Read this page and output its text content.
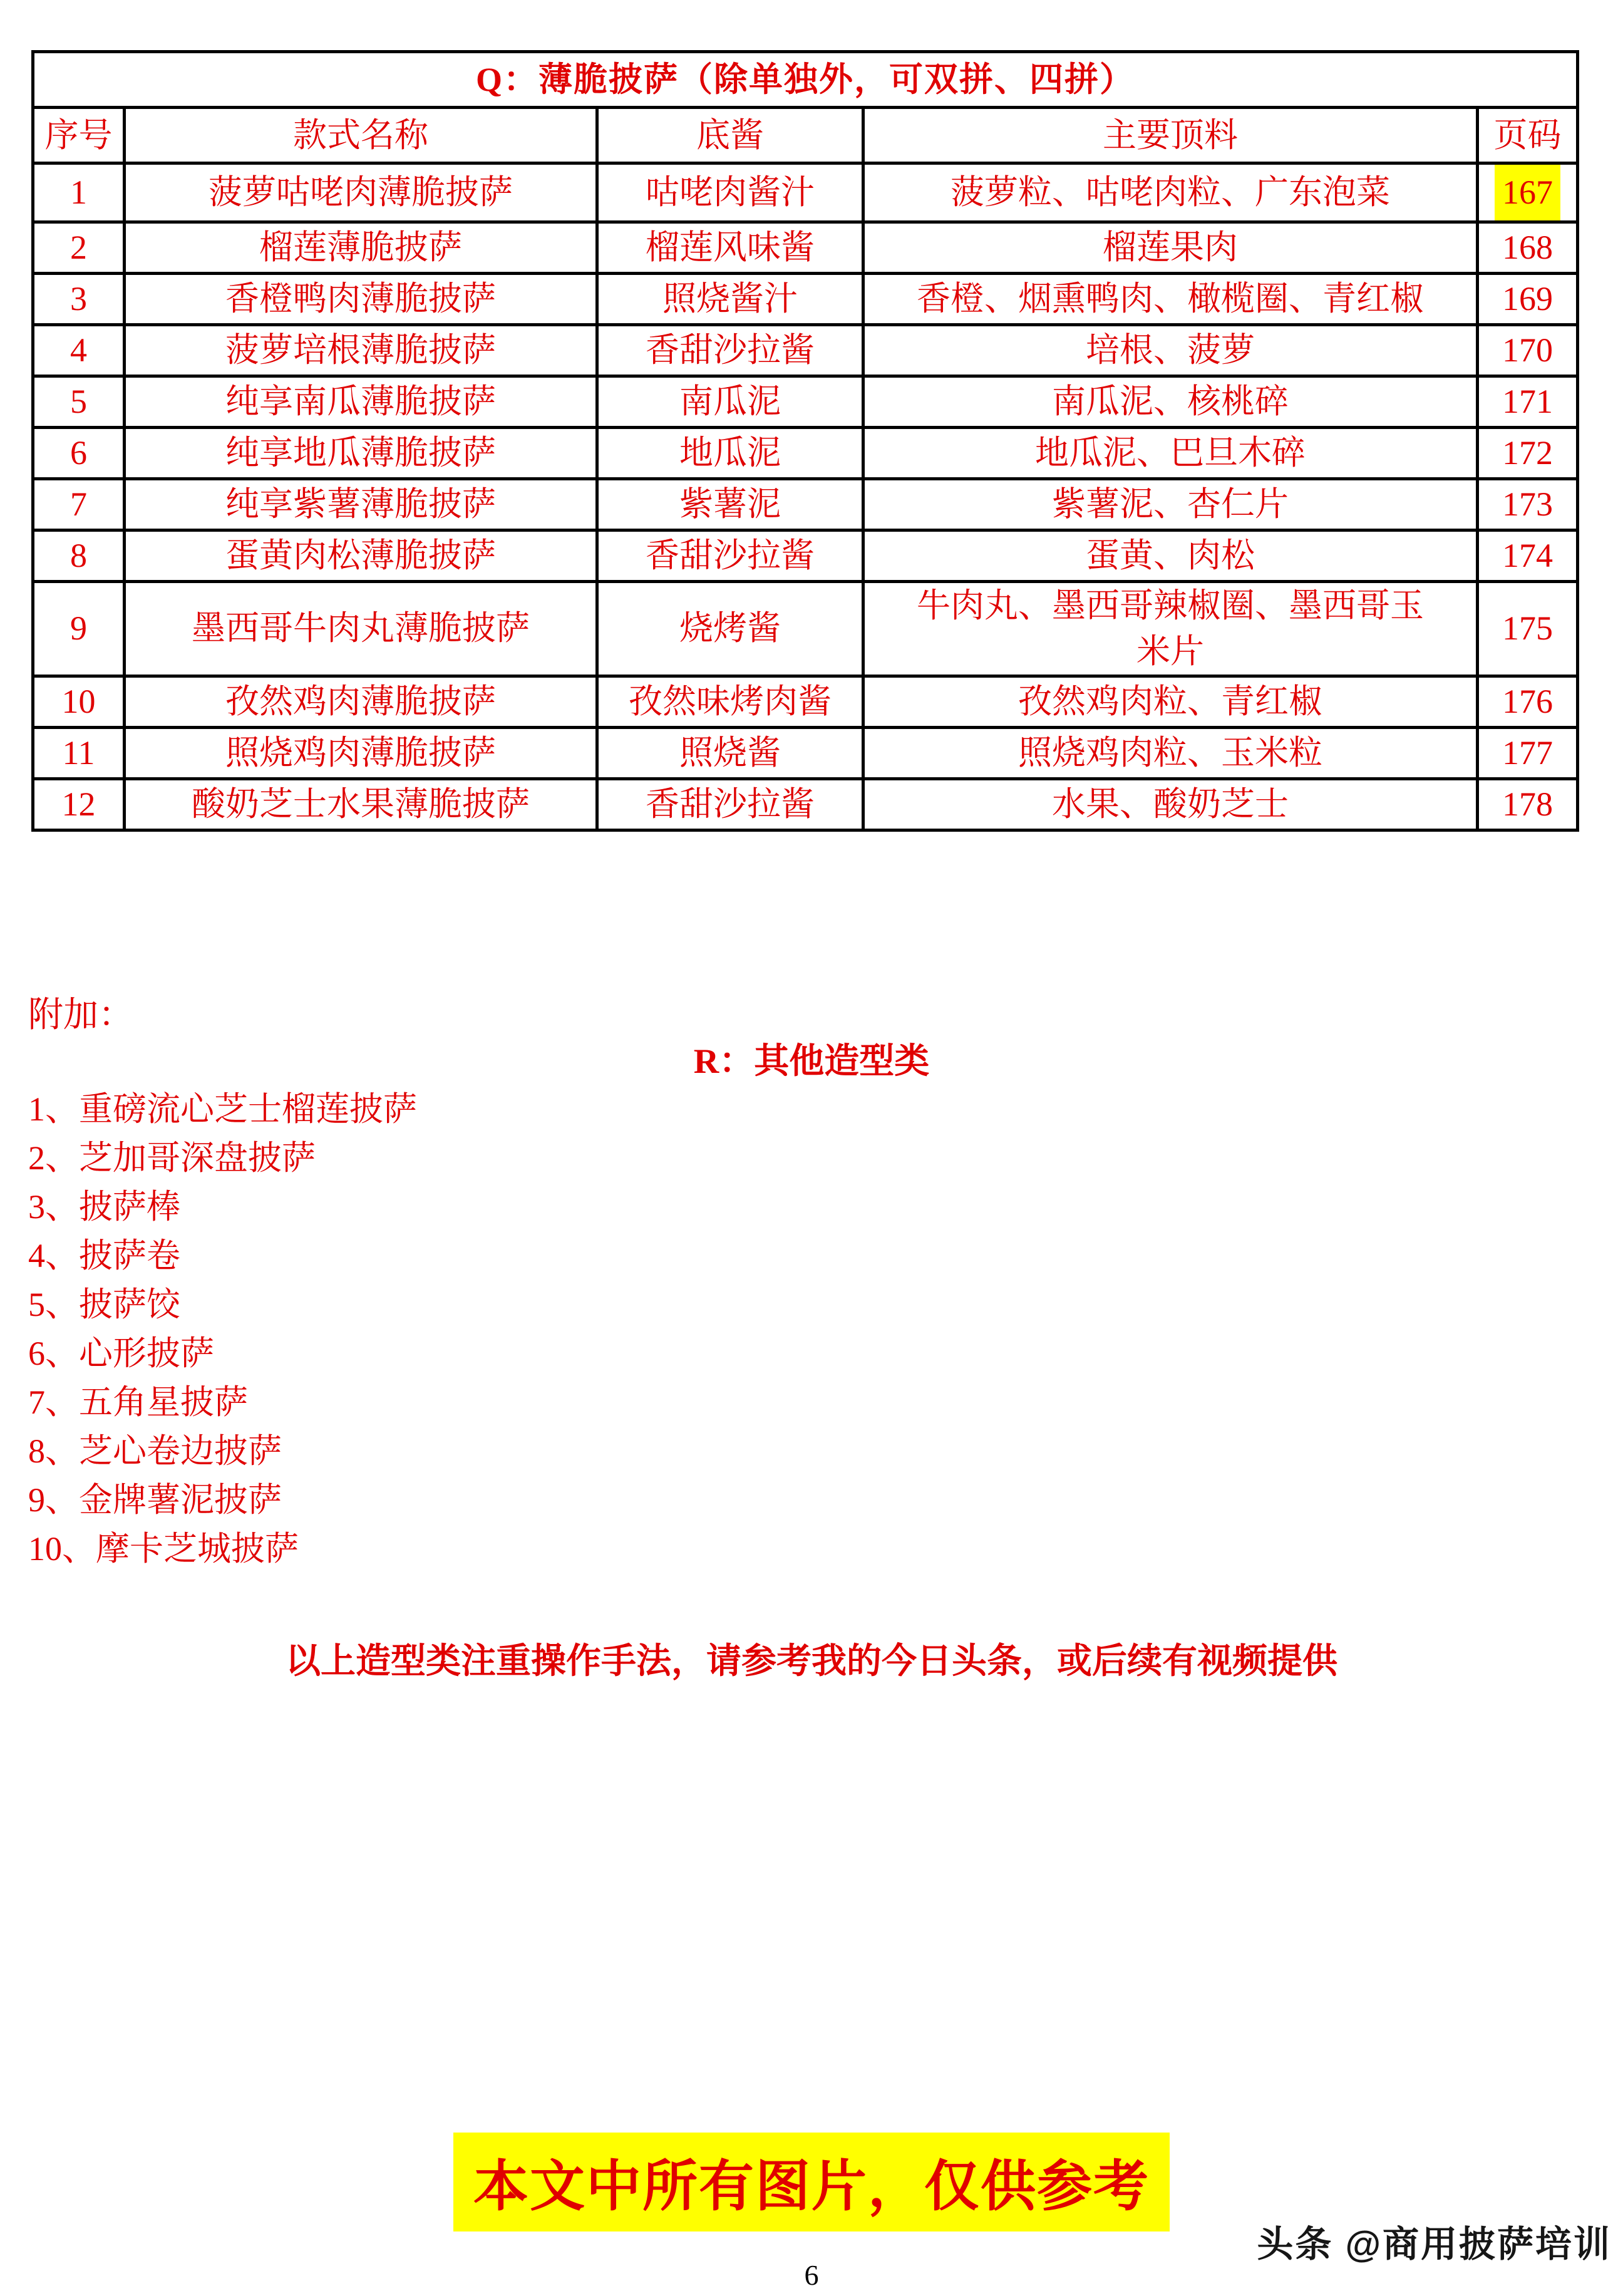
Q：薄脆披萨（除单独外，可双拼、四拼）				
序号	款式名称	底酱	主要顶料	页码
1	菠萝咕咾肉薄脆披萨	咕咾肉酱汁	菠萝粒、咕咾肉粒、广东泡菜	167
2	榴莲薄脆披萨	榴莲风味酱	榴莲果肉	168
3	香橙鸭肉薄脆披萨	照烧酱汁	香橙、烟熏鸭肉、橄榄圈、青红椒	169
4	菠萝培根薄脆披萨	香甜沙拉酱	培根、菠萝	170
5	纯享南瓜薄脆披萨	南瓜泥	南瓜泥、核桃碎	171
6	纯享地瓜薄脆披萨	地瓜泥	地瓜泥、巴旦木碎	172
7	纯享紫薯薄脆披萨	紫薯泥	紫薯泥、杏仁片	173
8	蛋黄肉松薄脆披萨	香甜沙拉酱	蛋黄、肉松	174
9	墨西哥牛肉丸薄脆披萨	烧烤酱	牛肉丸、墨西哥辣椒圈、墨西哥玉米片	175
10	孜然鸡肉薄脆披萨	孜然味烤肉酱	孜然鸡肉粒、青红椒	176
11	照烧鸡肉薄脆披萨	照烧酱	照烧鸡肉粒、玉米粒	177
12	酸奶芝士水果薄脆披萨	香甜沙拉酱	水果、酸奶芝士	178
附加：
R：其他造型类
1、重磅流心芝士榴莲披萨
2、芝加哥深盘披萨
3、披萨棒
4、披萨卷
5、披萨饺
6、心形披萨
7、五角星披萨
8、芝心卷边披萨
9、金牌薯泥披萨
10、摩卡芝城披萨
以上造型类注重操作手法，请参考我的今日头条，或后续有视频提供
本文中所有图片，仅供参考
头条 @商用披萨培训
6
